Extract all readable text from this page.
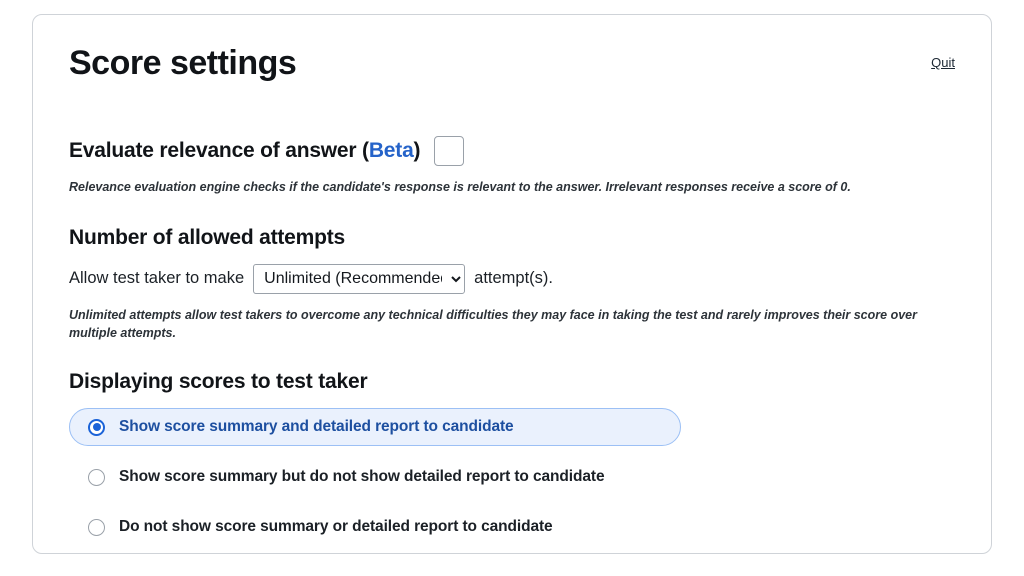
Score settings	Quit
Evaluate relevance of answer (Beta)
Relevance evaluation engine checks if the candidate's response is relevant to the answer. Irrelevant responses receive a score of 0.
Number of allowed attempts
Allow test taker to make
Unlimited (Recommended)	attempt(s).
Unlimited attempts allow test takers to overcome any technical difficulties they may face in taking the test and rarely improves their score over multiple attempts.
Displaying scores to test taker
Show score summary and detailed report to candidate
Show score summary but do not show detailed report to candidate
Do not show score summary or detailed report to candidate
